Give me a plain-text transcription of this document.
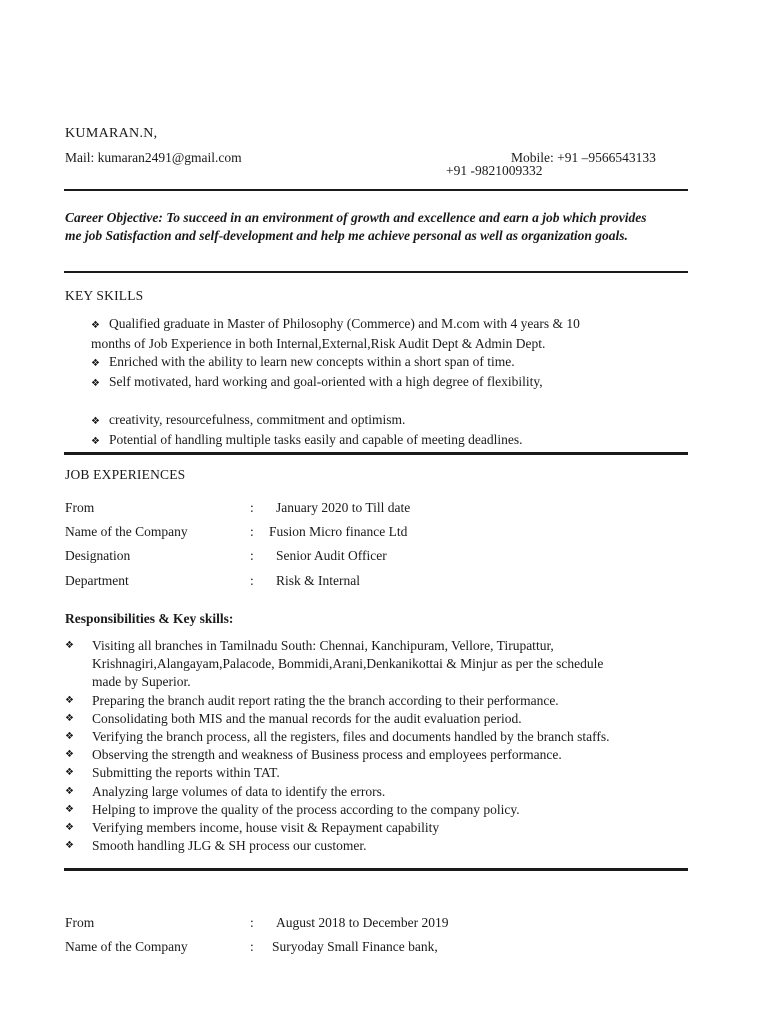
KUMARAN.N,
Mail: kumaran2491@gmail.com	Mobile: +91 –9566543133
+91 -9821009332
Career Objective: To succeed in an environment of growth and excellence and earn a job which provides me job Satisfaction and self-development and help me achieve personal as well as organization goals.
KEY SKILLS
❖ Qualified graduate in Master of Philosophy (Commerce) and M.com with 4 years & 10
months of Job Experience in both Internal,External,Risk Audit Dept & Admin Dept.
❖ Enriched with the ability to learn new concepts within a short span of time.
❖ Self motivated, hard working and goal-oriented with a high degree of flexibility,
❖ creativity, resourcefulness, commitment and optimism.
❖ Potential of handling multiple tasks easily and capable of meeting deadlines.
JOB EXPERIENCES
From	: January 2020 to Till date
Name of the Company	: Fusion Micro finance Ltd
Designation	: Senior Audit Officer
Department	: Risk & Internal
Responsibilities & Key skills:
❖ Visiting all branches in Tamilnadu South: Chennai, Kanchipuram, Vellore, Tirupattur,
Krishnagiri,Alangayam,Palacode, Bommidi,Arani,Denkanikottai & Minjur as per the schedule
made by Superior.
❖ Preparing the branch audit report rating the the branch according to their performance.
❖ Consolidating both MIS and the manual records for the audit evaluation period.
❖ Verifying the branch process, all the registers, files and documents handled by the branch staffs.
❖ Observing the strength and weakness of Business process and employees performance.
❖ Submitting the reports within TAT.
❖ Analyzing large volumes of data to identify the errors.
❖ Helping to improve the quality of the process according to the company policy.
❖ Verifying members income, house visit & Repayment capability
❖ Smooth handling JLG & SH process our customer.
From	: August 2018 to December 2019
Name of the Company	: Suryoday Small Finance bank,
